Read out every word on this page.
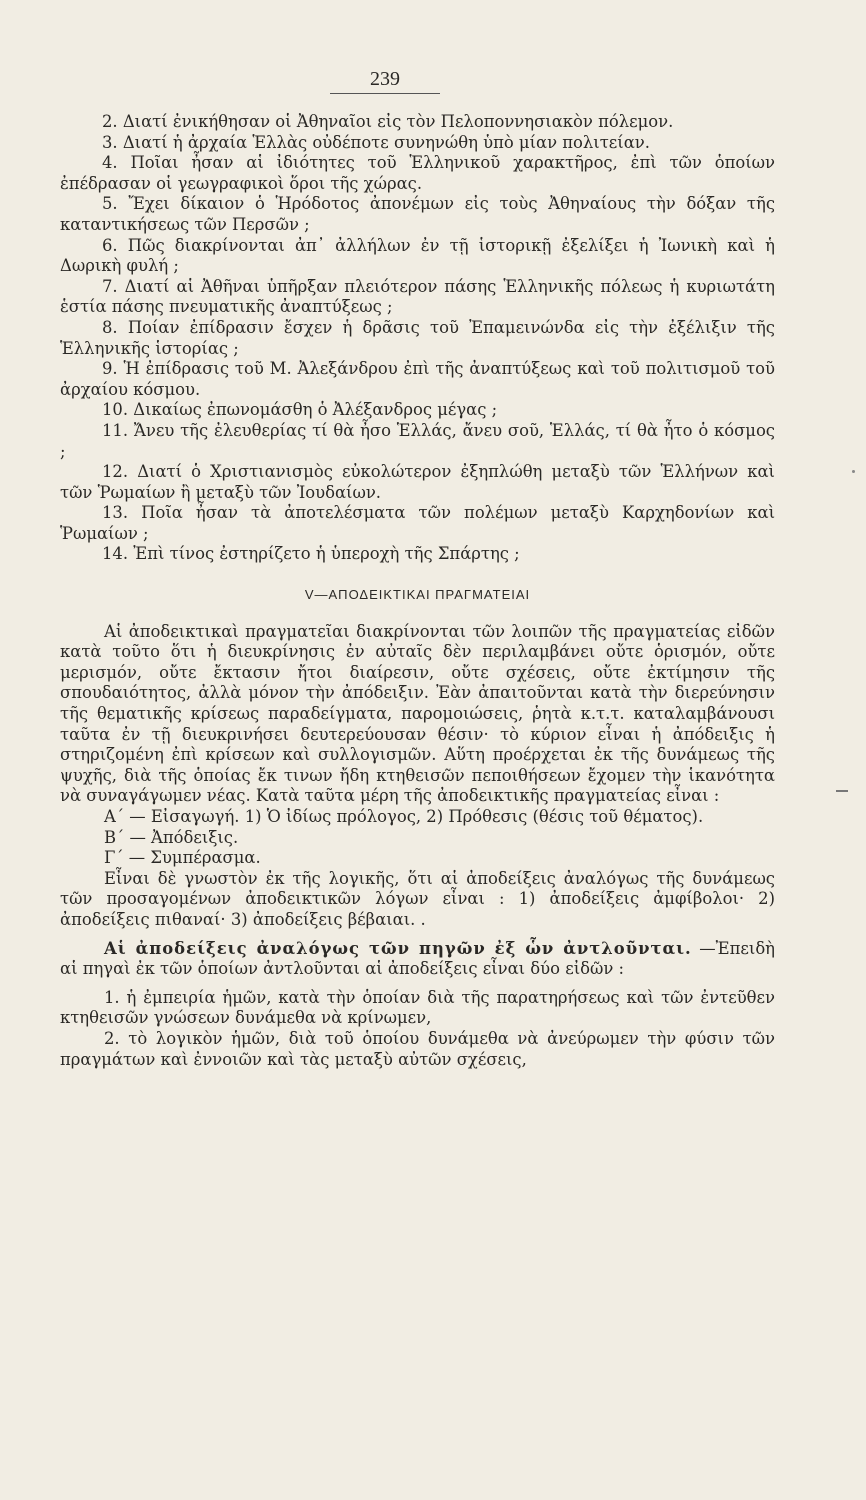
239

2. Διατί ἐνικήθησαν οἱ Ἀθηναῖοι εἰς τὸν Πελοποννησιακὸν πόλεμον.

3. Διατί ἡ ἀρχαία Ἑλλὰς οὐδέποτε συνηνώθη ὑπὸ μίαν πολιτείαν.

4. Ποῖαι ἦσαν αἱ ἰδιότητες τοῦ Ἑλληνικοῦ χαρακτῆρος, ἐπὶ τῶν ὁποίων ἐπέδρασαν οἱ γεωγραφικοὶ ὅροι τῆς χώρας.

5. Ἔχει δίκαιον ὁ Ἡρόδοτος ἀπονέμων εἰς τοὺς Ἀθηναίους τὴν δόξαν τῆς καταντικήσεως τῶν Περσῶν ;

6. Πῶς διακρίνονται ἀπ᾿ ἀλλήλων ἐν τῇ ἱστορικῇ ἐξελίξει ἡ Ἰωνικὴ καὶ ἡ Δωρικὴ φυλή ;

7. Διατί αἱ Ἀθῆναι ὑπῆρξαν πλειότερον πάσης Ἑλληνικῆς πόλεως ἡ κυριωτάτη ἑστία πάσης πνευματικῆς ἀναπτύξεως ;

8. Ποίαν ἐπίδρασιν ἔσχεν ἡ δρᾶσις τοῦ Ἐπαμεινώνδα εἰς τὴν ἐξέλιξιν τῆς Ἑλληνικῆς ἱστορίας ;

9. Ἡ ἐπίδρασις τοῦ Μ. Ἀλεξάνδρου ἐπὶ τῆς ἀναπτύξεως καὶ τοῦ πολιτισμοῦ τοῦ ἀρχαίου κόσμου.

10. Δικαίως ἐπωνομάσθη ὁ Ἀλέξανδρος μέγας ;

11. Ἄνευ τῆς ἐλευθερίας τί θὰ ἦσο Ἑλλάς, ἄνευ σοῦ, Ἑλλάς, τί θὰ ἦτο ὁ κόσμος ;

12. Διατί ὁ Χριστιανισμὸς εὐκολώτερον ἐξηπλώθη μεταξὺ τῶν Ἑλλήνων καὶ τῶν Ῥωμαίων ἢ μεταξὺ τῶν Ἰουδαίων.

13. Ποῖα ἦσαν τὰ ἀποτελέσματα τῶν πολέμων μεταξὺ Καρχηδονίων καὶ Ῥωμαίων ;

14. Ἐπὶ τίνος ἐστηρίζετο ἡ ὑπεροχὴ τῆς Σπάρτης ;

V—ΑΠΟΔΕΙΚΤΙΚΑΙ ΠΡΑΓΜΑΤΕΙΑΙ

Αἱ ἀποδεικτικαὶ πραγματεῖαι διακρίνονται τῶν λοιπῶν τῆς πραγματείας εἰδῶν κατὰ τοῦτο ὅτι ἡ διευκρίνησις ἐν αὐταῖς δὲν περιλαμβάνει οὔτε ὁρισμόν, οὔτε μερισμόν, οὔτε ἔκτασιν ἤτοι διαίρεσιν, οὔτε σχέσεις, οὔτε ἐκτίμησιν τῆς σπουδαιότητος, ἀλλὰ μόνον τὴν ἀπόδειξιν. Ἐὰν ἀπαιτοῦνται κατὰ τὴν διερεύνησιν τῆς θεματικῆς κρίσεως παραδείγματα, παρομοιώσεις, ῥητὰ κ.τ.τ. καταλαμβάνουσι ταῦτα ἐν τῇ διευκρινήσει δευτερεύουσαν θέσιν· τὸ κύριον εἶναι ἡ ἀπόδειξις ἡ στηριζομένη ἐπὶ κρίσεων καὶ συλλογισμῶν. Αὕτη προέρχεται ἐκ τῆς δυνάμεως τῆς ψυχῆς, διὰ τῆς ὁποίας ἔκ τινων ἤδη κτηθεισῶν πεποιθήσεων ἔχομεν τὴν ἱκανότητα νὰ συναγάγωμεν νέας. Κατὰ ταῦτα μέρη τῆς ἀποδεικτικῆς πραγματείας εἶναι :

Α΄ — Εἰσαγωγή. 1) Ὁ ἰδίως πρόλογος, 2) Πρόθεσις (θέσις τοῦ θέματος).

Β΄ — Ἀπόδειξις.

Γ΄ — Συμπέρασμα.

Εἶναι δὲ γνωστὸν ἐκ τῆς λογικῆς, ὅτι αἱ ἀποδείξεις ἀναλόγως τῆς δυνάμεως τῶν προσαγομένων ἀποδεικτικῶν λόγων εἶναι : 1) ἀποδείξεις ἀμφίβολοι· 2) ἀποδείξεις πιθαναί· 3) ἀποδείξεις βέβαιαι. .

Αἱ ἀποδείξεις ἀναλόγως τῶν πηγῶν ἐξ ὧν ἀντλοῦνται. —Ἐπειδὴ αἱ πηγαὶ ἐκ τῶν ὁποίων ἀντλοῦνται αἱ ἀποδείξεις εἶναι δύο εἰδῶν :

1. ἡ ἐμπειρία ἡμῶν, κατὰ τὴν ὁποίαν διὰ τῆς παρατηρήσεως καὶ τῶν ἐντεῦθεν κτηθεισῶν γνώσεων δυνάμεθα νὰ κρίνωμεν,

2. τὸ λογικὸν ἡμῶν, διὰ τοῦ ὁποίου δυνάμεθα νὰ ἀνεύρωμεν τὴν φύσιν τῶν πραγμάτων καὶ ἐννοιῶν καὶ τὰς μεταξὺ αὐτῶν σχέσεις,
